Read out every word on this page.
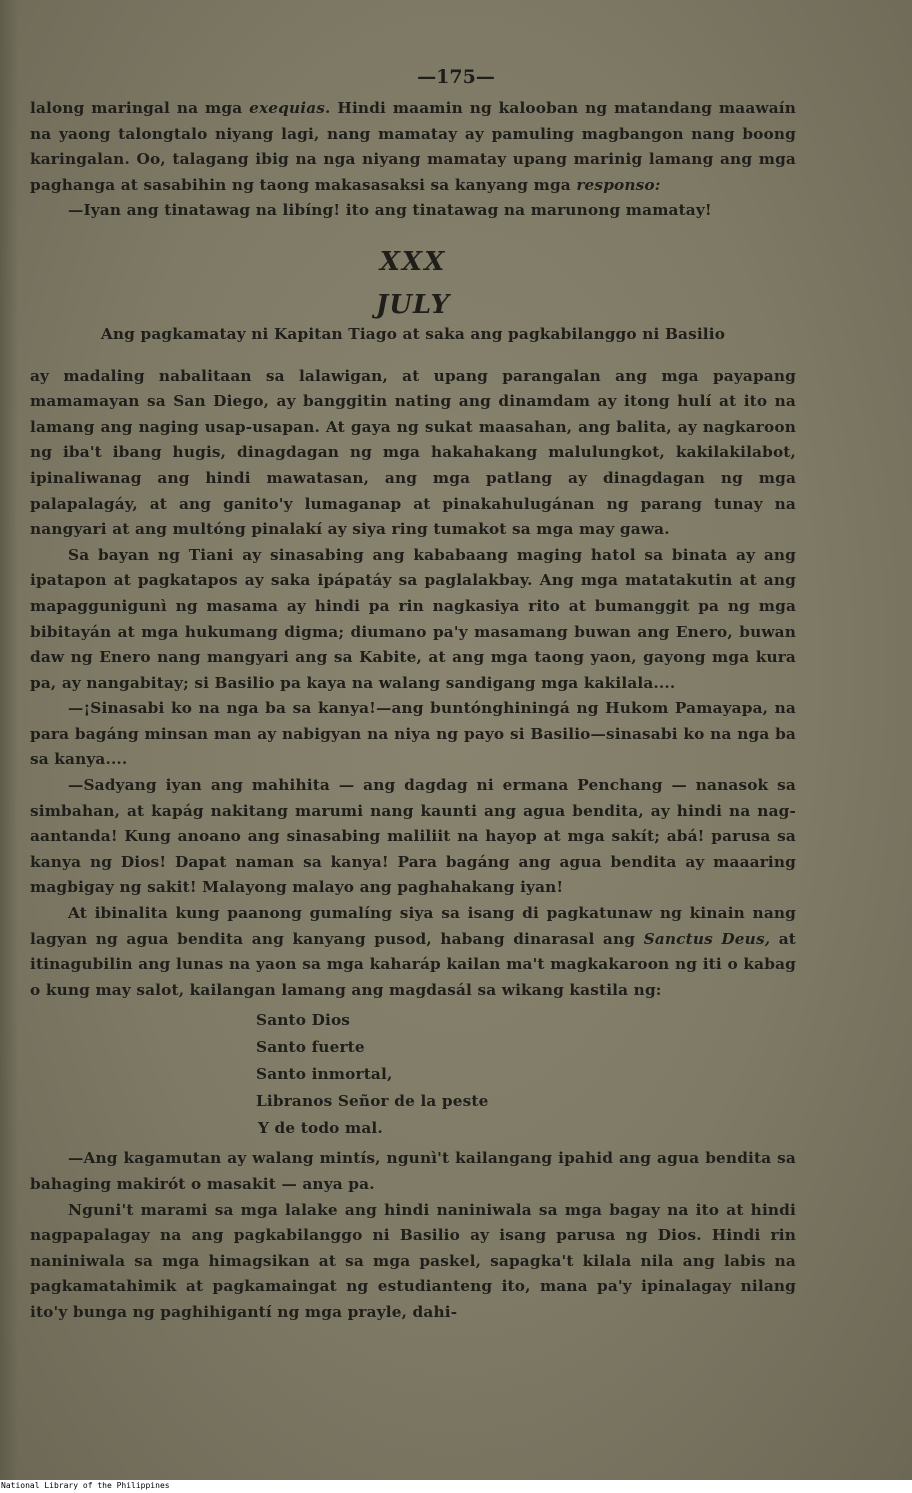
—175—

lalong maringal na mga exequias. Hindi maamin ng kalooban ng matandang maawaín na yaong talongtalo niyang lagi, nang mamatay ay pamuling magbangon nang boong karingalan. Oo, talagang ibig na nga niyang mamatay upang marinig lamang ang mga paghanga at sasabihin ng taong makasasaksi sa kanyang mga responso:

—Iyan ang tinatawag na libíng! ito ang tinatawag na marunong mamatay!

XXX
JULY
Ang pagkamatay ni Kapitan Tiago at saka ang pagkabilanggo ni Basilio

ay madaling nabalitaan sa lalawigan, at upang parangalan ang mga payapang mamamayan sa San Diego, ay banggitin nating ang dinamdam ay itong hulí at ito na lamang ang naging usap-usapan. At gaya ng sukat maasahan, ang balita, ay nagkaroon ng iba't ibang hugis, dinagdagan ng mga hakahakang malulungkot, kakilakilabot, ipinaliwanag ang hindi mawatasan, ang mga patlang ay dinagdagan ng mga palapalagáy, at ang ganito'y lumaganap at pinakahulugánan ng parang tunay na nangyari at ang multóng pinalakí ay siya ring tumakot sa mga may gawa.

Sa bayan ng Tiani ay sinasabing ang kababaang maging hatol sa binata ay ang ipatapon at pagkatapos ay saka ipápatáy sa paglalakbay. Ang mga matatakutin at ang mapaggunigunì ng masama ay hindi pa rin nagkasiya rito at bumanggit pa ng mga bibitayán at mga hukumang digma; diumano pa'y masamang buwan ang Enero, buwan daw ng Enero nang mangyari ang sa Kabite, at ang mga taong yaon, gayong mga kura pa, ay nangabitay; si Basilio pa kaya na walang sandigang mga kakilala....

—¡Sinasabi ko na nga ba sa kanya!—ang buntónghiningá ng Hukom Pamayapa, na para bagáng minsan man ay nabigyan na niya ng payo si Basilio—sinasabi ko na nga ba sa kanya....

—Sadyang iyan ang mahihita — ang dagdag ni ermana Penchang — nanasok sa simbahan, at kapág nakitang marumi nang kaunti ang agua bendita, ay hindi na nag-aantanda! Kung anoano ang sinasabing maliliit na hayop at mga sakít; abá! parusa sa kanya ng Dios! Dapat naman sa kanya! Para bagáng ang agua bendita ay maaaring magbigay ng sakit! Malayong malayo ang paghahakang iyan!

At ibinalita kung paanong gumalíng siya sa isang di pagkatunaw ng kinain nang lagyan ng agua bendita ang kanyang pusod, habang dinarasal ang Sanctus Deus, at itinagubilin ang lunas na yaon sa mga kaharáp kailan ma't magkakaroon ng iti o kabag o kung may salot, kailangan lamang ang magdasál sa wikang kastila ng:

Santo Dios
Santo fuerte
Santo inmortal,
Libranos Señor de la peste
Y de todo mal.

—Ang kagamutan ay walang mintís, ngunì't kailangang ipahid ang agua bendita sa bahaging makirót o masakit — anya pa.

Nguni't marami sa mga lalake ang hindi naniniwala sa mga bagay na ito at hindi nagpapalagay na ang pagkabilanggo ni Basilio ay isang parusa ng Dios. Hindi rin naniniwala sa mga himagsikan at sa mga paskel, sapagka't kilala nila ang labis na pagkamatahimik at pagkamaingat ng estudianteng ito, mana pa'y ipinalagay nilang ito'y bunga ng paghihigantí ng mga prayle, dahi-

National Library of the Philippines
